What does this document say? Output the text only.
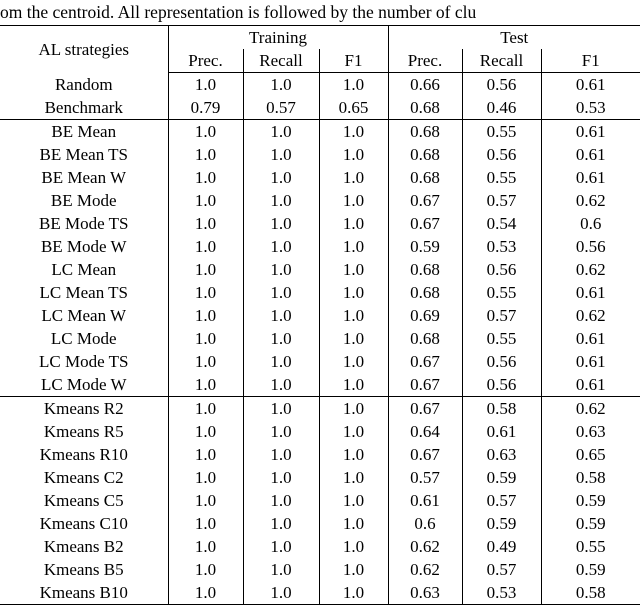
om the centroid. All representation is followed by the number of clu
AL strategies	Training			Test		
	Prec.	Recall	F1	Prec.	Recall	F1
Random	1.0	1.0	1.0	0.66	0.56	0.61
Benchmark	0.79	0.57	0.65	0.68	0.46	0.53
BE Mean	1.0	1.0	1.0	0.68	0.55	0.61
BE Mean TS	1.0	1.0	1.0	0.68	0.56	0.61
BE Mean W	1.0	1.0	1.0	0.68	0.55	0.61
BE Mode	1.0	1.0	1.0	0.67	0.57	0.62
BE Mode TS	1.0	1.0	1.0	0.67	0.54	0.6
BE Mode W	1.0	1.0	1.0	0.59	0.53	0.56
LC Mean	1.0	1.0	1.0	0.68	0.56	0.62
LC Mean TS	1.0	1.0	1.0	0.68	0.55	0.61
LC Mean W	1.0	1.0	1.0	0.69	0.57	0.62
LC Mode	1.0	1.0	1.0	0.68	0.55	0.61
LC Mode TS	1.0	1.0	1.0	0.67	0.56	0.61
LC Mode W	1.0	1.0	1.0	0.67	0.56	0.61
Kmeans R2	1.0	1.0	1.0	0.67	0.58	0.62
Kmeans R5	1.0	1.0	1.0	0.64	0.61	0.63
Kmeans R10	1.0	1.0	1.0	0.67	0.63	0.65
Kmeans C2	1.0	1.0	1.0	0.57	0.59	0.58
Kmeans C5	1.0	1.0	1.0	0.61	0.57	0.59
Kmeans C10	1.0	1.0	1.0	0.6	0.59	0.59
Kmeans B2	1.0	1.0	1.0	0.62	0.49	0.55
Kmeans B5	1.0	1.0	1.0	0.62	0.57	0.59
Kmeans B10	1.0	1.0	1.0	0.63	0.53	0.58
